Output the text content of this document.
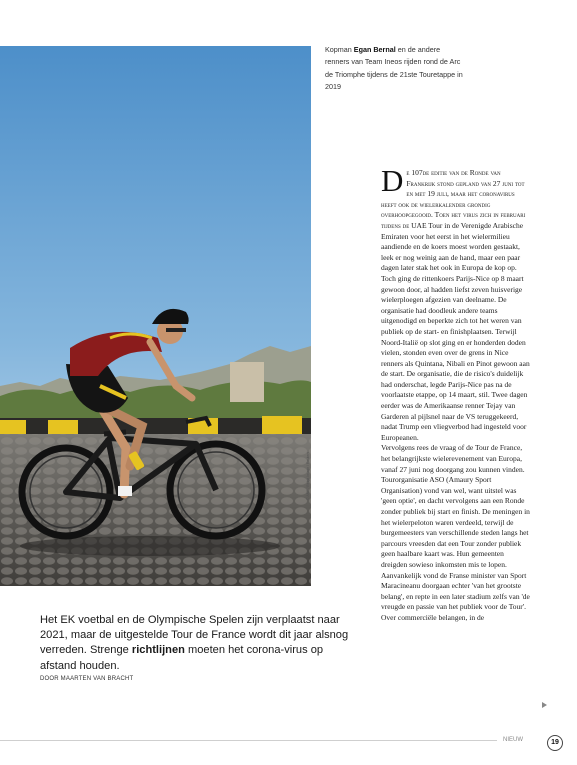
© ANP / Belga Image / Reuters
Kopman Egan Bernal en de andere renners van Team Ineos rijden rond de Arc de Triomphe tijdens de 21ste Touretappe in 2019
Het EK voetbal en de Olympische Spelen zijn verplaatst naar 2021, maar de uitgestelde Tour de France wordt dit jaar alsnog verreden. Strenge richtlijnen moeten het corona-virus op afstand houden.
DOOR MAARTEN VAN BRACHT

De 107de editie van de Ronde van Frankrijk stond gepland van 27 juni tot en met 19 juli, maar het coronavirus heeft ook de wielerkalender grondig overhoopgegooid. Toen het virus zich in februari tijdens de UAE Tour in de Verenigde Arabische Emiraten voor het eerst in het wielermilieu aandiende en de koers moest worden gestaakt, leek er nog weinig aan de hand, maar een paar dagen later stak het ook in Europa de kop op. Toch ging de rittenkoers Parijs-Nice op 8 maart gewoon door, al hadden liefst zeven huisverige wielerploegen afgezien van deelname. De organisatie had doodleuk andere teams uitgenodigd en beperkte zich tot het weren van publiek op de start- en finishplaatsen. Terwijl Noord-Italië op slot ging en er honderden doden vielen, stonden even over de grens in Nice renners als Quintana, Nibali en Pinot gewoon aan de start. De organisatie, die de risico's duidelijk had onderschat, legde Parijs-Nice pas na de voorlaatste etappe, op 14 maart, stil. Twee dagen eerder was de Amerikaanse renner Tejay van Garderen al pijlsnel naar de VS teruggekeerd, nadat Trump een vliegverbod had ingesteld voor Europeanen.

Vervolgens rees de vraag of de Tour de France, het belangrijkste wielerevenement van Europa, vanaf 27 juni nog doorgang zou kunnen vinden. Tourorganisatie ASO (Amaury Sport Organisation) vond van wel, want uitstel was 'geen optie', en dacht vervolgens aan een Ronde zonder publiek bij start en finish. De meningen in het wielerpeloton waren verdeeld, terwijl de burgemeesters van verschillende steden langs het parcours vreesden dat een Tour zonder publiek geen haalbare kaart was. Hun gemeenten dreigden sowieso inkomsten mis te lopen. Aanvankelijk vond de Franse minister van Sport Maracineanu doorgaan echter 'van het grootste belang', en repte in een later stadium zelfs van 'de vreugde en passie van het publiek voor de Tour'. Over commerciële belangen, in de

NIEUW	19
